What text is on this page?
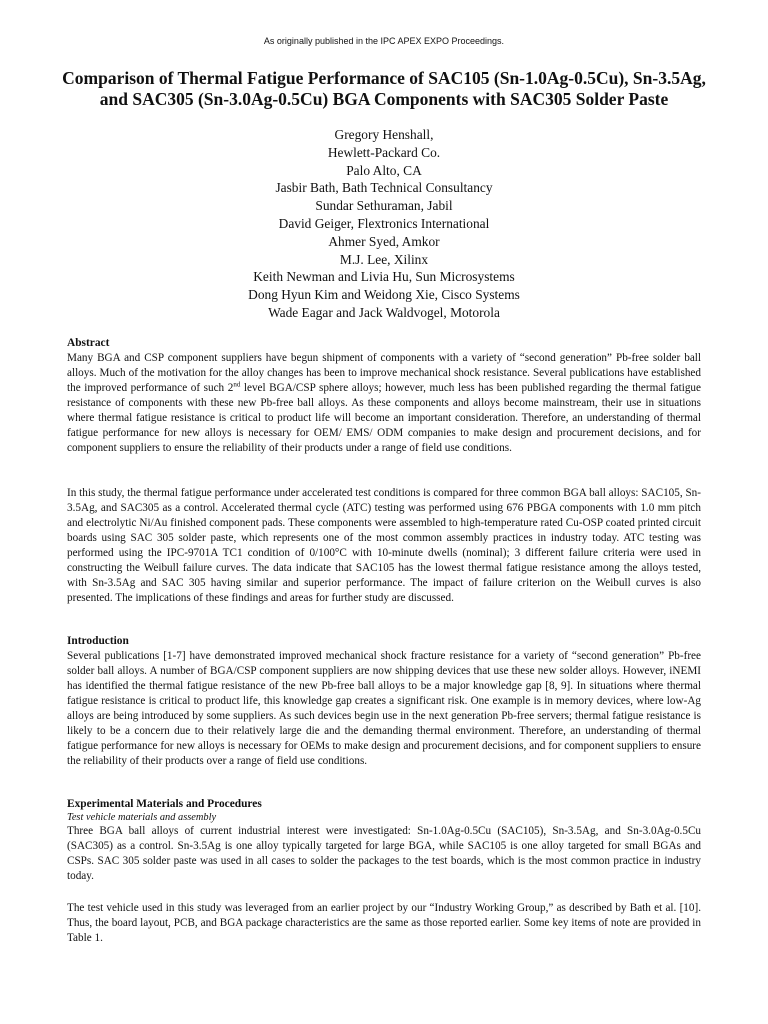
As originally published in the IPC APEX EXPO Proceedings.
Comparison of Thermal Fatigue Performance of SAC105 (Sn-1.0Ag-0.5Cu), Sn-3.5Ag, and SAC305 (Sn-3.0Ag-0.5Cu) BGA Components with SAC305 Solder Paste
Gregory Henshall,
Hewlett-Packard Co.
Palo Alto, CA
Jasbir Bath, Bath Technical Consultancy
Sundar Sethuraman, Jabil
David Geiger, Flextronics International
Ahmer Syed, Amkor
M.J. Lee, Xilinx
Keith Newman and Livia Hu, Sun Microsystems
Dong Hyun Kim and Weidong Xie, Cisco Systems
Wade Eagar and Jack Waldvogel, Motorola
Abstract

Many BGA and CSP component suppliers have begun shipment of components with a variety of “second generation” Pb-free solder ball alloys. Much of the motivation for the alloy changes has been to improve mechanical shock resistance. Several publications have established the improved performance of such 2nd level BGA/CSP sphere alloys; however, much less has been published regarding the thermal fatigue resistance of components with these new Pb-free ball alloys. As these components and alloys become mainstream, their use in situations where thermal fatigue resistance is critical to product life will become an important consideration. Therefore, an understanding of thermal fatigue performance for new alloys is necessary for OEM/ EMS/ ODM companies to make design and procurement decisions, and for component suppliers to ensure the reliability of their products under a range of field use conditions.

In this study, the thermal fatigue performance under accelerated test conditions is compared for three common BGA ball alloys: SAC105, Sn-3.5Ag, and SAC305 as a control. Accelerated thermal cycle (ATC) testing was performed using 676 PBGA components with 1.0 mm pitch and electrolytic Ni/Au finished component pads. These components were assembled to high-temperature rated Cu-OSP coated printed circuit boards using SAC 305 solder paste, which represents one of the most common assembly practices in industry today. ATC testing was performed using the IPC-9701A TC1 condition of 0/100°C with 10-minute dwells (nominal); 3 different failure criteria were used in constructing the Weibull failure curves. The data indicate that SAC105 has the lowest thermal fatigue resistance among the alloys tested, with Sn-3.5Ag and SAC 305 having similar and superior performance. The impact of failure criterion on the Weibull curves is also presented. The implications of these findings and areas for further study are discussed.

Introduction

Several publications [1-7] have demonstrated improved mechanical shock fracture resistance for a variety of “second generation” Pb-free solder ball alloys. A number of BGA/CSP component suppliers are now shipping devices that use these new solder alloys. However, iNEMI has identified the thermal fatigue resistance of the new Pb-free ball alloys to be a major knowledge gap [8, 9]. In situations where thermal fatigue resistance is critical to product life, this knowledge gap creates a significant risk. One example is in memory devices, where low-Ag alloys are being introduced by some suppliers. As such devices begin use in the next generation Pb-free servers; thermal fatigue resistance is likely to be a concern due to their relatively large die and the demanding thermal environment. Therefore, an understanding of thermal fatigue performance for new alloys is necessary for OEMs to make design and procurement decisions, and for component suppliers to ensure the reliability of their products over a range of field use conditions.

Experimental Materials and Procedures
Test vehicle materials and assembly

Three BGA ball alloys of current industrial interest were investigated: Sn-1.0Ag-0.5Cu (SAC105), Sn-3.5Ag, and Sn-3.0Ag-0.5Cu (SAC305) as a control. Sn-3.5Ag is one alloy typically targeted for large BGA, while SAC105 is one alloy targeted for small BGAs and CSPs. SAC 305 solder paste was used in all cases to solder the packages to the test boards, which is the most common practice in industry today.

The test vehicle used in this study was leveraged from an earlier project by our “Industry Working Group,” as described by Bath et al. [10]. Thus, the board layout, PCB, and BGA package characteristics are the same as those reported earlier. Some key items of note are provided in Table 1.
